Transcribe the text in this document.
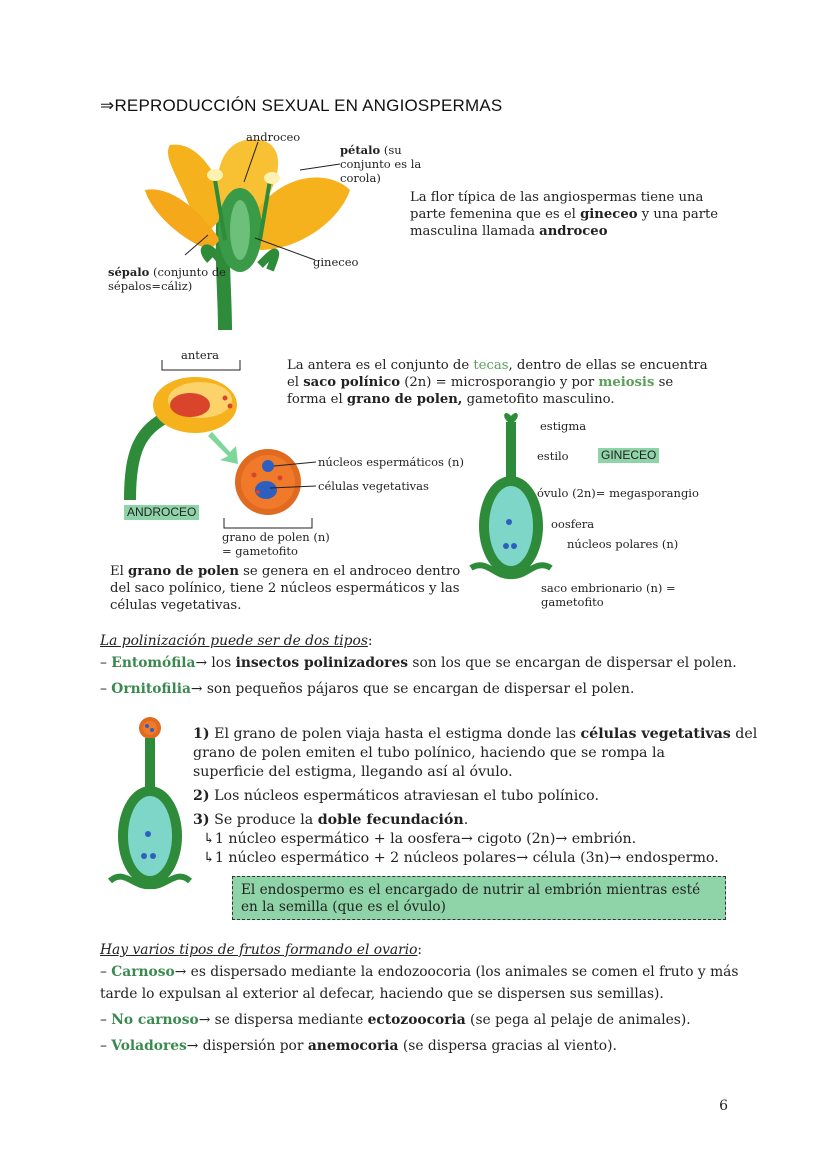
⇒REPRODUCCIÓN SEXUAL EN ANGIOSPERMAS
androceo
pétalo (su
conjunto es la
corola)
gineceo
sépalo (conjunto de
sépalos=cáliz)
La flor típica de las angiospermas tiene una
parte femenina que es el gineceo y una parte
masculina llamada androceo
antera
núcleos espermáticos (n)
células vegetativas
ANDROCEO
grano de polen (n)
= gametofito
La antera es el conjunto de tecas, dentro de ellas se encuentra
el saco polínico (2n) = microsporangio y por meiosis se
forma el grano de polen, gametofito masculino.
El grano de polen se genera en el androceo dentro
del saco polínico, tiene 2 núcleos espermáticos y las
células vegetativas.
estigma
estilo	GINECEO
óvulo (2n)= megasporangio
oosfera
núcleos polares (n)
saco embrionario (n) =
gametofito
La polinización puede ser de dos tipos:
– Entomófila→ los insectos polinizadores son los que se encargan de dispersar el polen.
– Ornitofilia→ son pequeños pájaros que se encargan de dispersar el polen.
1) El grano de polen viaja hasta el estigma donde las células vegetativas del
grano de polen emiten el tubo polínico, haciendo que se rompa la
superficie del estigma, llegando así al óvulo.
2) Los núcleos espermáticos atraviesan el tubo polínico.
3) Se produce la doble fecundación.
↳1 núcleo espermático + la oosfera→ cigoto (2n)→ embrión.
↳1 núcleo espermático + 2 núcleos polares→ célula (3n)→ endospermo.
El endospermo es el encargado de nutrir al embrión mientras esté
en la semilla (que es el óvulo)
Hay varios tipos de frutos formando el ovario:
– Carnoso→ es dispersado mediante la endozoocoria (los animales se comen el fruto y más
tarde lo expulsan al exterior al defecar, haciendo que se dispersen sus semillas).
– No carnoso→ se dispersa mediante ectozoocoria (se pega al pelaje de animales).
– Voladores→ dispersión por anemocoria (se dispersa gracias al viento).
6
